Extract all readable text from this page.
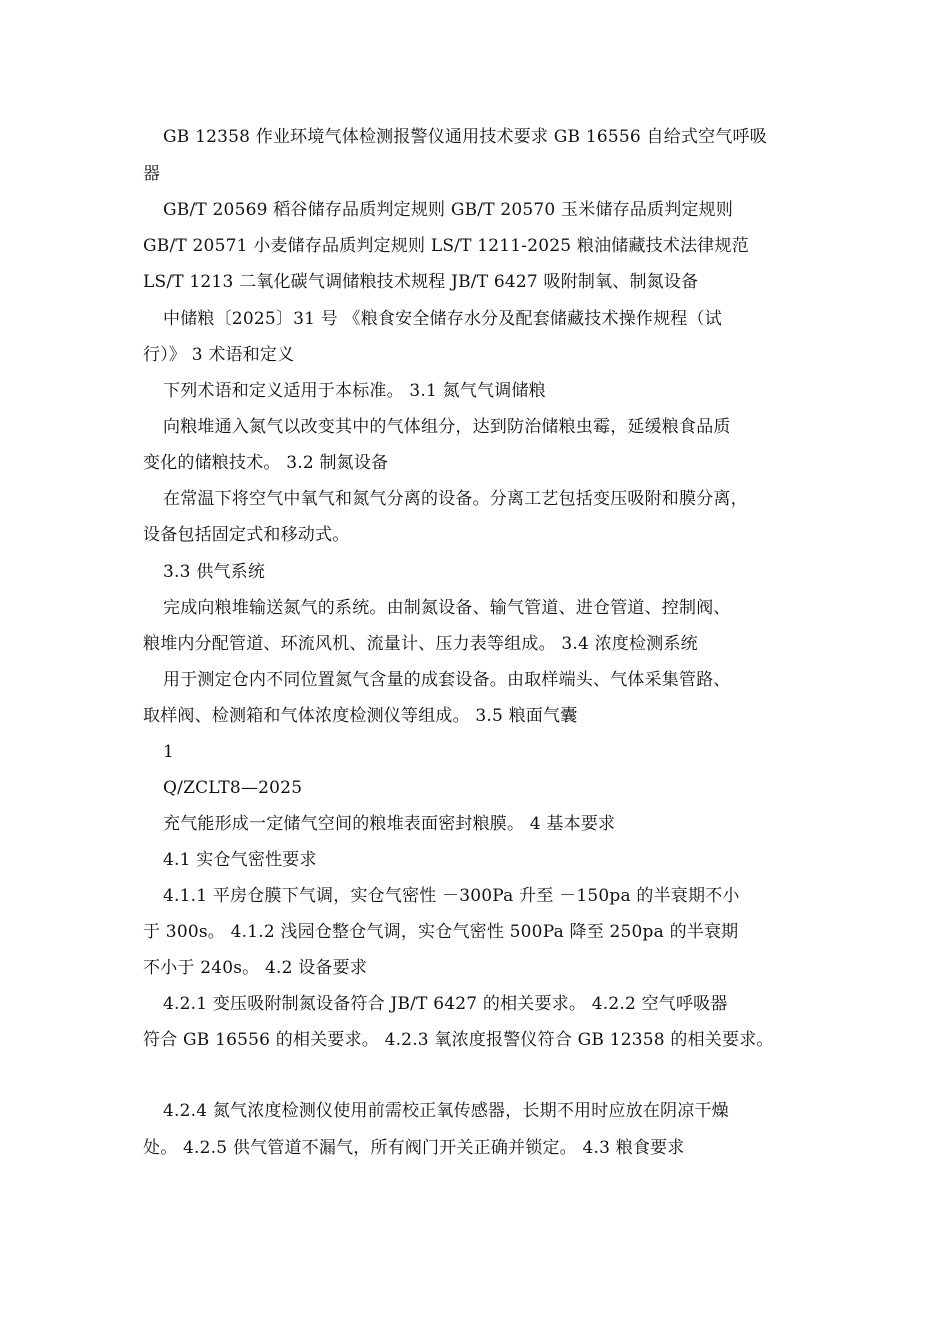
GB 12358 作业环境气体检测报警仪通用技术要求 GB 16556 自给式空气呼吸
器
GB/T 20569 稻谷储存品质判定规则 GB/T 20570 玉米储存品质判定规则
GB/T 20571 小麦储存品质判定规则 LS/T 1211-2025 粮油储藏技术法律规范
LS/T 1213 二氧化碳气调储粮技术规程 JB/T 6427 吸附制氧、制氮设备
中储粮〔2025〕31 号 《粮食安全储存水分及配套储藏技术操作规程（试
行）》 3 术语和定义
下列术语和定义适用于本标准。 3.1 氮气气调储粮
向粮堆通入氮气以改变其中的气体组分，达到防治储粮虫霉，延缓粮食品质
变化的储粮技术。 3.2 制氮设备
在常温下将空气中氧气和氮气分离的设备。分离工艺包括变压吸附和膜分离，
设备包括固定式和移动式。
3.3 供气系统
完成向粮堆输送氮气的系统。由制氮设备、输气管道、进仓管道、控制阀、
粮堆内分配管道、环流风机、流量计、压力表等组成。 3.4 浓度检测系统
用于测定仓内不同位置氮气含量的成套设备。由取样端头、气体采集管路、
取样阀、检测箱和气体浓度检测仪等组成。 3.5 粮面气囊
1
Q/ZCLT8—2025
充气能形成一定储气空间的粮堆表面密封粮膜。 4 基本要求
4.1 实仓气密性要求
4.1.1 平房仓膜下气调，实仓气密性 －300Pa 升至 －150pa 的半衰期不小
于 300s。 4.1.2 浅园仓整仓气调，实仓气密性 500Pa 降至 250pa 的半衰期
不小于 240s。 4.2 设备要求
4.2.1 变压吸附制氮设备符合 JB/T 6427 的相关要求。 4.2.2 空气呼吸器
符合 GB 16556 的相关要求。 4.2.3 氧浓度报警仪符合 GB 12358 的相关要求。
4.2.4 氮气浓度检测仪使用前需校正氧传感器，长期不用时应放在阴凉干燥
处。 4.2.5 供气管道不漏气，所有阀门开关正确并锁定。 4.3 粮食要求
